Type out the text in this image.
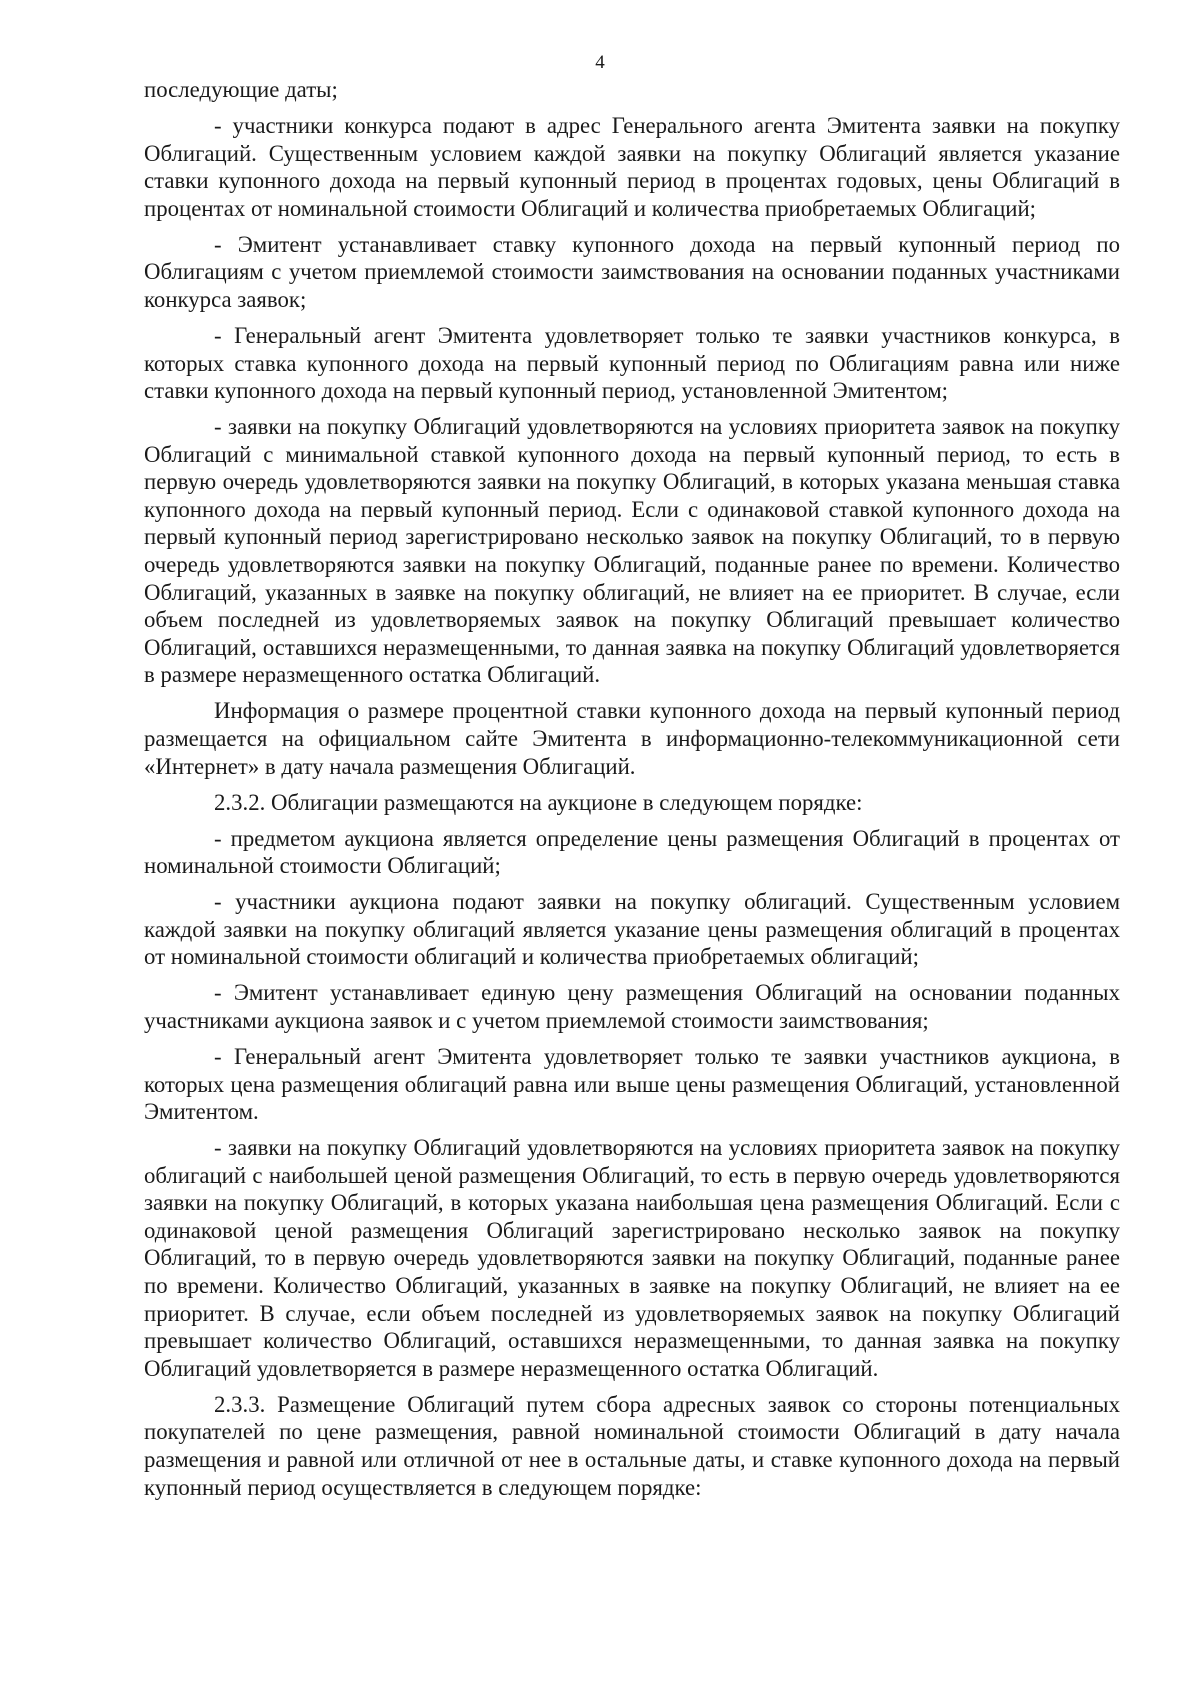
4

последующие даты;

- участники конкурса подают в адрес Генерального агента Эмитента заявки на покупку Облигаций. Существенным условием каждой заявки на покупку Облигаций является указание ставки купонного дохода на первый купонный период в процентах годовых, цены Облигаций в процентах от номинальной стоимости Облигаций и количества приобретаемых Облигаций;

- Эмитент устанавливает ставку купонного дохода на первый купонный период по Облигациям с учетом приемлемой стоимости заимствования на основании поданных участниками конкурса заявок;

- Генеральный агент Эмитента удовлетворяет только те заявки участников конкурса, в которых ставка купонного дохода на первый купонный период по Облигациям равна или ниже ставки купонного дохода на первый купонный период, установленной Эмитентом;

- заявки на покупку Облигаций удовлетворяются на условиях приоритета заявок на покупку Облигаций с минимальной ставкой купонного дохода на первый купонный период, то есть в первую очередь удовлетворяются заявки на покупку Облигаций, в которых указана меньшая ставка купонного дохода на первый купонный период. Если с одинаковой ставкой купонного дохода на первый купонный период зарегистрировано несколько заявок на покупку Облигаций, то в первую очередь удовлетворяются заявки на покупку Облигаций, поданные ранее по времени. Количество Облигаций, указанных в заявке на покупку облигаций, не влияет на ее приоритет. В случае, если объем последней из удовлетворяемых заявок на покупку Облигаций превышает количество Облигаций, оставшихся неразмещенными, то данная заявка на покупку Облигаций удовлетворяется в размере неразмещенного остатка Облигаций.

Информация о размере процентной ставки купонного дохода на первый купонный период размещается на официальном сайте Эмитента в информационно-телекоммуникационной сети «Интернет» в дату начала размещения Облигаций.

2.3.2. Облигации размещаются на аукционе в следующем порядке:

- предметом аукциона является определение цены размещения Облигаций в процентах от номинальной стоимости Облигаций;

- участники аукциона подают заявки на покупку облигаций. Существенным условием каждой заявки на покупку облигаций является указание цены размещения облигаций в процентах от номинальной стоимости облигаций и количества приобретаемых облигаций;

- Эмитент устанавливает единую цену размещения Облигаций на основании поданных участниками аукциона заявок и с учетом приемлемой стоимости заимствования;

- Генеральный агент Эмитента удовлетворяет только те заявки участников аукциона, в которых цена размещения облигаций равна или выше цены размещения Облигаций, установленной Эмитентом.

- заявки на покупку Облигаций удовлетворяются на условиях приоритета заявок на покупку облигаций с наибольшей ценой размещения Облигаций, то есть в первую очередь удовлетворяются заявки на покупку Облигаций, в которых указана наибольшая цена размещения Облигаций. Если с одинаковой ценой размещения Облигаций зарегистрировано несколько заявок на покупку Облигаций, то в первую очередь удовлетворяются заявки на покупку Облигаций, поданные ранее по времени. Количество Облигаций, указанных в заявке на покупку Облигаций, не влияет на ее приоритет. В случае, если объем последней из удовлетворяемых заявок на покупку Облигаций превышает количество Облигаций, оставшихся неразмещенными, то данная заявка на покупку Облигаций удовлетворяется в размере неразмещенного остатка Облигаций.

2.3.3. Размещение Облигаций путем сбора адресных заявок со стороны потенциальных покупателей по цене размещения, равной номинальной стоимости Облигаций в дату начала размещения и равной или отличной от нее в остальные даты, и ставке купонного дохода на первый купонный период осуществляется в следующем порядке:
